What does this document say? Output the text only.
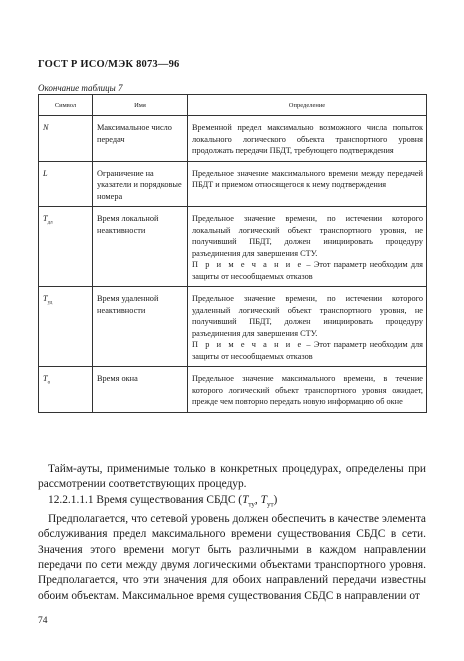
ГОСТ Р ИСО/МЭК 8073—96
Окончание таблицы 7
Символ	Имя	Определение
N	Максимальное число передач	Временной предел максимально возможного числа попыток локального логического объекта транспортного уровня продолжать передачи ПБДТ, требующего подтверждения
L	Ограничение на указатели и порядковые номера	Предельное значение максимального времени между передачей ПБДТ и приемом относящегося к нему подтверждения
$T_{дл}$	Время локальной неактивности	Предельное значение времени, по истечении которого локальный логический объект транспортного уровня, не получивший ПБДТ, должен инициировать процедуру разъединения для завершения СТУ.
П р и м е ч а н и е – Этот параметр необходим для защиты от несообщаемых отказов
$T_{уд}$	Время удаленной неактивности	Предельное значение времени, по истечении которого удаленный логический объект транспортного уровня, не получивший ПБДТ, должен инициировать процедуру разъединения для завершения СТУ.
П р и м е ч а н и е – Этот параметр необходим для защиты от несообщаемых отказов
$T_о$	Время окна	Предельное значение максимального времени, в течение которого логический объект транспортного уровня ожидает, прежде чем повторно передать новую информацию об окне

Тайм-ауты, применимые только в конкретных процедурах, определены при рассмотрении соответствующих процедур.

12.2.1.1.1 Время существования СБДС ($T_{ту}$, $T_{ут}$)

Предполагается, что сетевой уровень должен обеспечить в качестве элемента обслуживания предел максимального времени существования СБДС в сети. Значения этого времени могут быть различными в каждом направлении передачи по сети между двумя логическими объектами транспортного уровня. Предполагается, что эти значения для обоих направлений передачи известны обоим объектам. Максимальное время существования СБДС в направлении от

74
